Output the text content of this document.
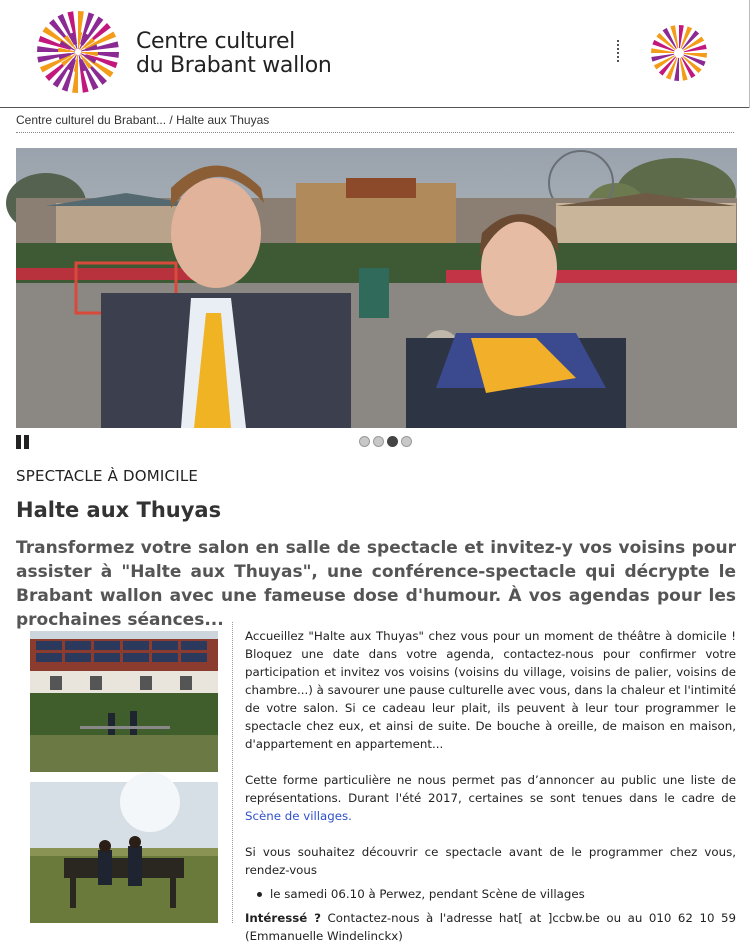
Centre culturel
du Brabant wallon
Centre culturel du Brabant... / Halte aux Thuyas
SPECTACLE À DOMICILE
Halte aux Thuyas
Transformez votre salon en salle de spectacle et invitez-y vos voisins pour assister à "Halte aux Thuyas", une conférence-spectacle qui décrypte le Brabant wallon avec une fameuse dose d'humour. À vos agendas pour les prochaines séances...

Accueillez "Halte aux Thuyas" chez vous pour un moment de théâtre à domicile ! Bloquez une date dans votre agenda, contactez-nous pour confirmer votre participation et invitez vos voisins (voisins du village, voisins de palier, voisins de chambre...) à savourer une pause culturelle avec vous, dans la chaleur et l'intimité de votre salon. Si ce cadeau leur plait, ils peuvent à leur tour programmer le spectacle chez eux, et ainsi de suite. De bouche à oreille, de maison en maison, d'appartement en appartement...

Cette forme particulière ne nous permet pas d’annoncer au public une liste de représentations. Durant l'été 2017, certaines se sont tenues dans le cadre de Scène de villages.

Si vous souhaitez découvrir ce spectacle avant de le programmer chez vous, rendez-vous

le samedi 06.10 à Perwez, pendant Scène de villages

Intéressé ? Contactez-nous à l'adresse hat[ at ]ccbw.be ou au 010 62 10 59 (Emmanuelle Windelinckx)
